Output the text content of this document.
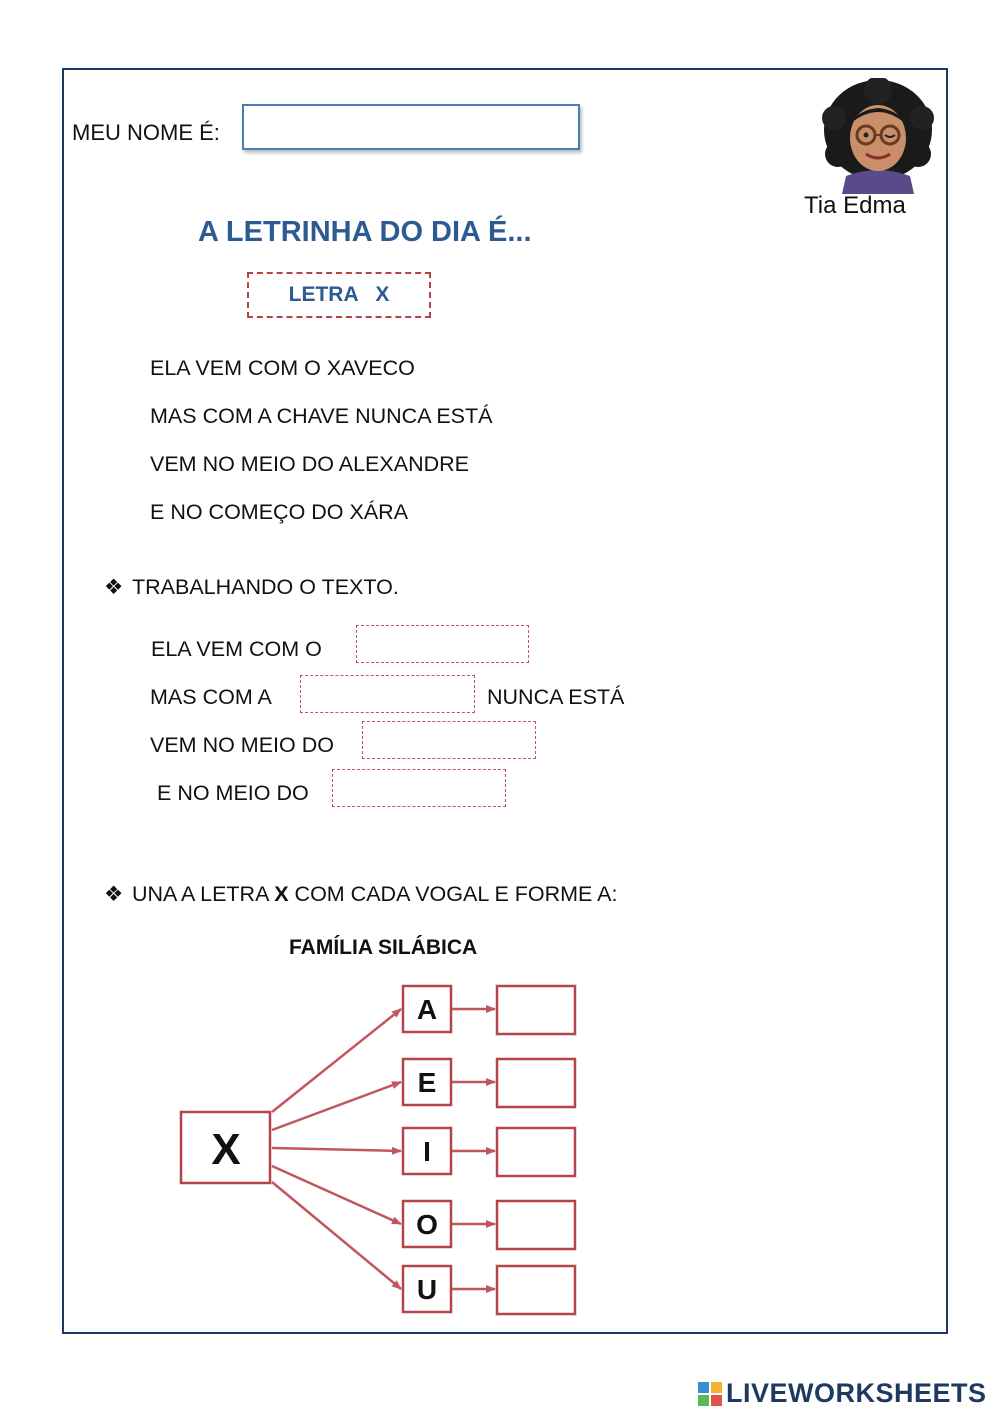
MEU NOME É:
Tia Edma
A LETRINHA DO DIA É...
LETRA   X
ELA VEM COM O XAVECO
MAS COM A CHAVE NUNCA ESTÁ
VEM NO MEIO DO ALEXANDRE
E NO COMEÇO DO XÁRA
❖ TRABALHANDO O TEXTO.
ELA VEM COM O
MAS COM A	NUNCA ESTÁ
VEM NO MEIO DO
E NO MEIO DO
❖ UNA A LETRA X COM CADA VOGAL E FORME A:
FAMÍLIA SILÁBICA
X
A
E
I
O
U
LIVEWORKSHEETS
